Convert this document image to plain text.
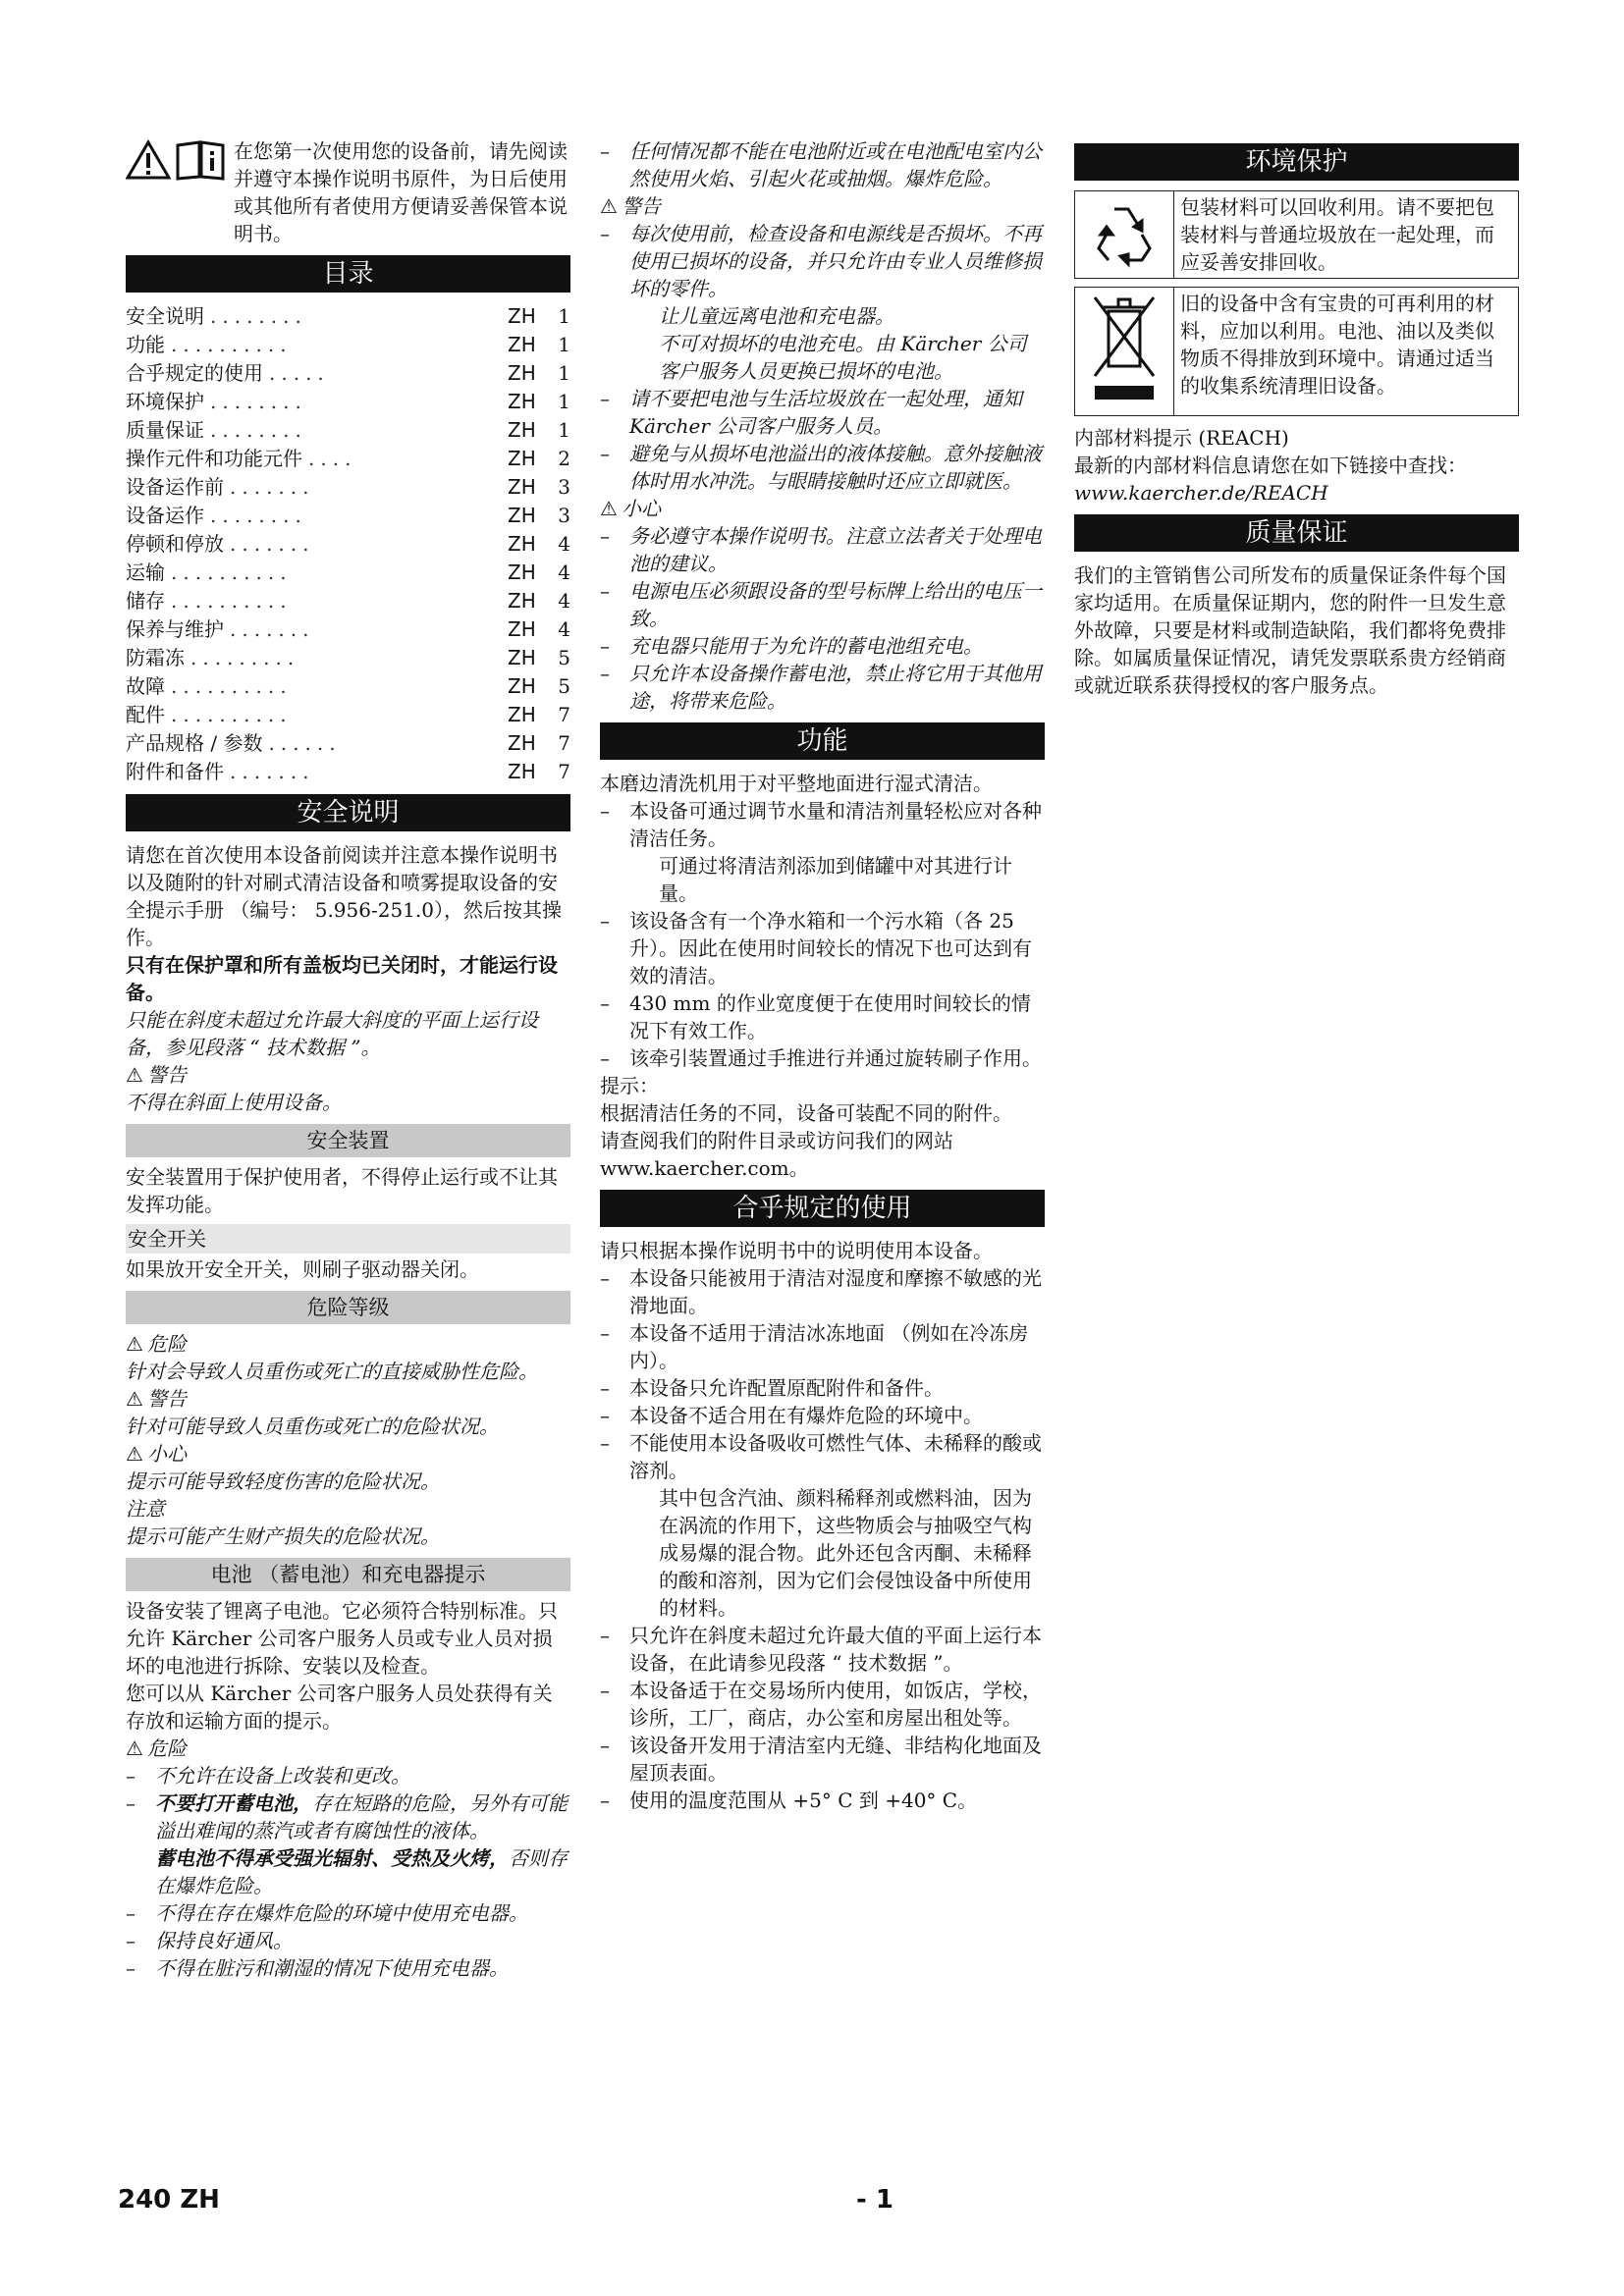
在您第一次使用您的设备前，请先阅读并遵守本操作说明书原件，为日后使用或其他所有者使用方便请妥善保管本说明书。
目录
安全说明 ........	ZH	1
功能 ..........	ZH	1
合乎规定的使用 .....	ZH	1
环境保护 ........	ZH	1
质量保证 ........	ZH	1
操作元件和功能元件 ....	ZH	2
设备运作前 .......	ZH	3
设备运作 ........	ZH	3
停顿和停放 .......	ZH	4
运输 ..........	ZH	4
储存 ..........	ZH	4
保养与维护 .......	ZH	4
防霜冻 .........	ZH	5
故障 ..........	ZH	5
配件 ..........	ZH	7
产品规格 / 参数 ......	ZH	7
附件和备件 .......	ZH	7
安全说明

请您在首次使用本设备前阅读并注意本操作说明书以及随附的针对刷式清洁设备和喷雾提取设备的安全提示手册 （编号： 5.956-251.0），然后按其操作。

只有在保护罩和所有盖板均已关闭时，才能运行设备。

只能在斜度未超过允许最大斜度的平面上运行设备，参见段落 “ 技术数据 ”。

⚠ 警告

不得在斜面上使用设备。

安全装置

安全装置用于保护使用者，不得停止运行或不让其发挥功能。

安全开关

如果放开安全开关，则刷子驱动器关闭。

危险等级
⚠ 危险

针对会导致人员重伤或死亡的直接威胁性危险。

⚠ 警告

针对可能导致人员重伤或死亡的危险状况。

⚠ 小心

提示可能导致轻度伤害的危险状况。

注意

提示可能产生财产损失的危险状况。

电池 （蓄电池）和充电器提示

设备安装了锂离子电池。它必须符合特别标准。只允许 Kärcher 公司客户服务人员或专业人员对损坏的电池进行拆除、安装以及检查。

您可以从 Kärcher 公司客户服务人员处获得有关存放和运输方面的提示。

⚠ 危险
–	不允许在设备上改装和更改。
–	不要打开蓄电池，存在短路的危险，另外有可能溢出难闻的蒸汽或者有腐蚀性的液体。
蓄电池不得承受强光辐射、受热及火烤，否则存在爆炸危险。
–	不得在存在爆炸危险的环境中使用充电器。
–	保持良好通风。
–	不得在脏污和潮湿的情况下使用充电器。
–	任何情况都不能在电池附近或在电池配电室内公然使用火焰、引起火花或抽烟。爆炸危险。
⚠ 警告
–	每次使用前，检查设备和电源线是否损坏。不再使用已损坏的设备，并只允许由专业人员维修损坏的零件。
让儿童远离电池和充电器。
不可对损坏的电池充电。由 Kärcher 公司客户服务人员更换已损坏的电池。
–	请不要把电池与生活垃圾放在一起处理，通知 Kärcher 公司客户服务人员。
–	避免与从损坏电池溢出的液体接触。意外接触液体时用水冲洗。与眼睛接触时还应立即就医。
⚠ 小心
–	务必遵守本操作说明书。注意立法者关于处理电池的建议。
–	电源电压必须跟设备的型号标牌上给出的电压一致。
–	充电器只能用于为允许的蓄电池组充电。
–	只允许本设备操作蓄电池，禁止将它用于其他用途，将带来危险。
功能

本磨边清洗机用于对平整地面进行湿式清洁。

–	本设备可通过调节水量和清洁剂量轻松应对各种清洁任务。
可通过将清洁剂添加到储罐中对其进行计量。
–	该设备含有一个净水箱和一个污水箱（各 25 升）。因此在使用时间较长的情况下也可达到有效的清洁。
–	430 mm 的作业宽度便于在使用时间较长的情况下有效工作。
–	该牵引装置通过手推进行并通过旋转刷子作用。

提示：

根据清洁任务的不同，设备可装配不同的附件。

请查阅我们的附件目录或访问我们的网站 www.kaercher.com。

合乎规定的使用

请只根据本操作说明书中的说明使用本设备。

–	本设备只能被用于清洁对湿度和摩擦不敏感的光滑地面。
–	本设备不适用于清洁冰冻地面 （例如在冷冻房内）。
–	本设备只允许配置原配附件和备件。
–	本设备不适合用在有爆炸危险的环境中。
–	不能使用本设备吸收可燃性气体、未稀释的酸或溶剂。
其中包含汽油、颜料稀释剂或燃料油，因为在涡流的作用下，这些物质会与抽吸空气构成易爆的混合物。此外还包含丙酮、未稀释的酸和溶剂，因为它们会侵蚀设备中所使用的材料。
–	只允许在斜度未超过允许最大值的平面上运行本设备，在此请参见段落 “ 技术数据 ”。
–	本设备适于在交易场所内使用，如饭店，学校，诊所，工厂，商店，办公室和房屋出租处等。
–	该设备开发用于清洁室内无缝、非结构化地面及屋顶表面。
–	使用的温度范围从 +5° C 到 +40° C。
环境保护
包装材料可以回收利用。请不要把包装材料与普通垃圾放在一起处理，而应妥善安排回收。
旧的设备中含有宝贵的可再利用的材料，应加以利用。电池、油以及类似物质不得排放到环境中。请通过适当的收集系统清理旧设备。

内部材料提示 (REACH)

最新的内部材料信息请您在如下链接中查找：

www.kaercher.de/REACH

质量保证

我们的主管销售公司所发布的质量保证条件每个国家均适用。在质量保证期内，您的附件一旦发生意外故障，只要是材料或制造缺陷，我们都将免费排除。如属质量保证情况，请凭发票联系贵方经销商或就近联系获得授权的客户服务点。

240 ZH	- 1
